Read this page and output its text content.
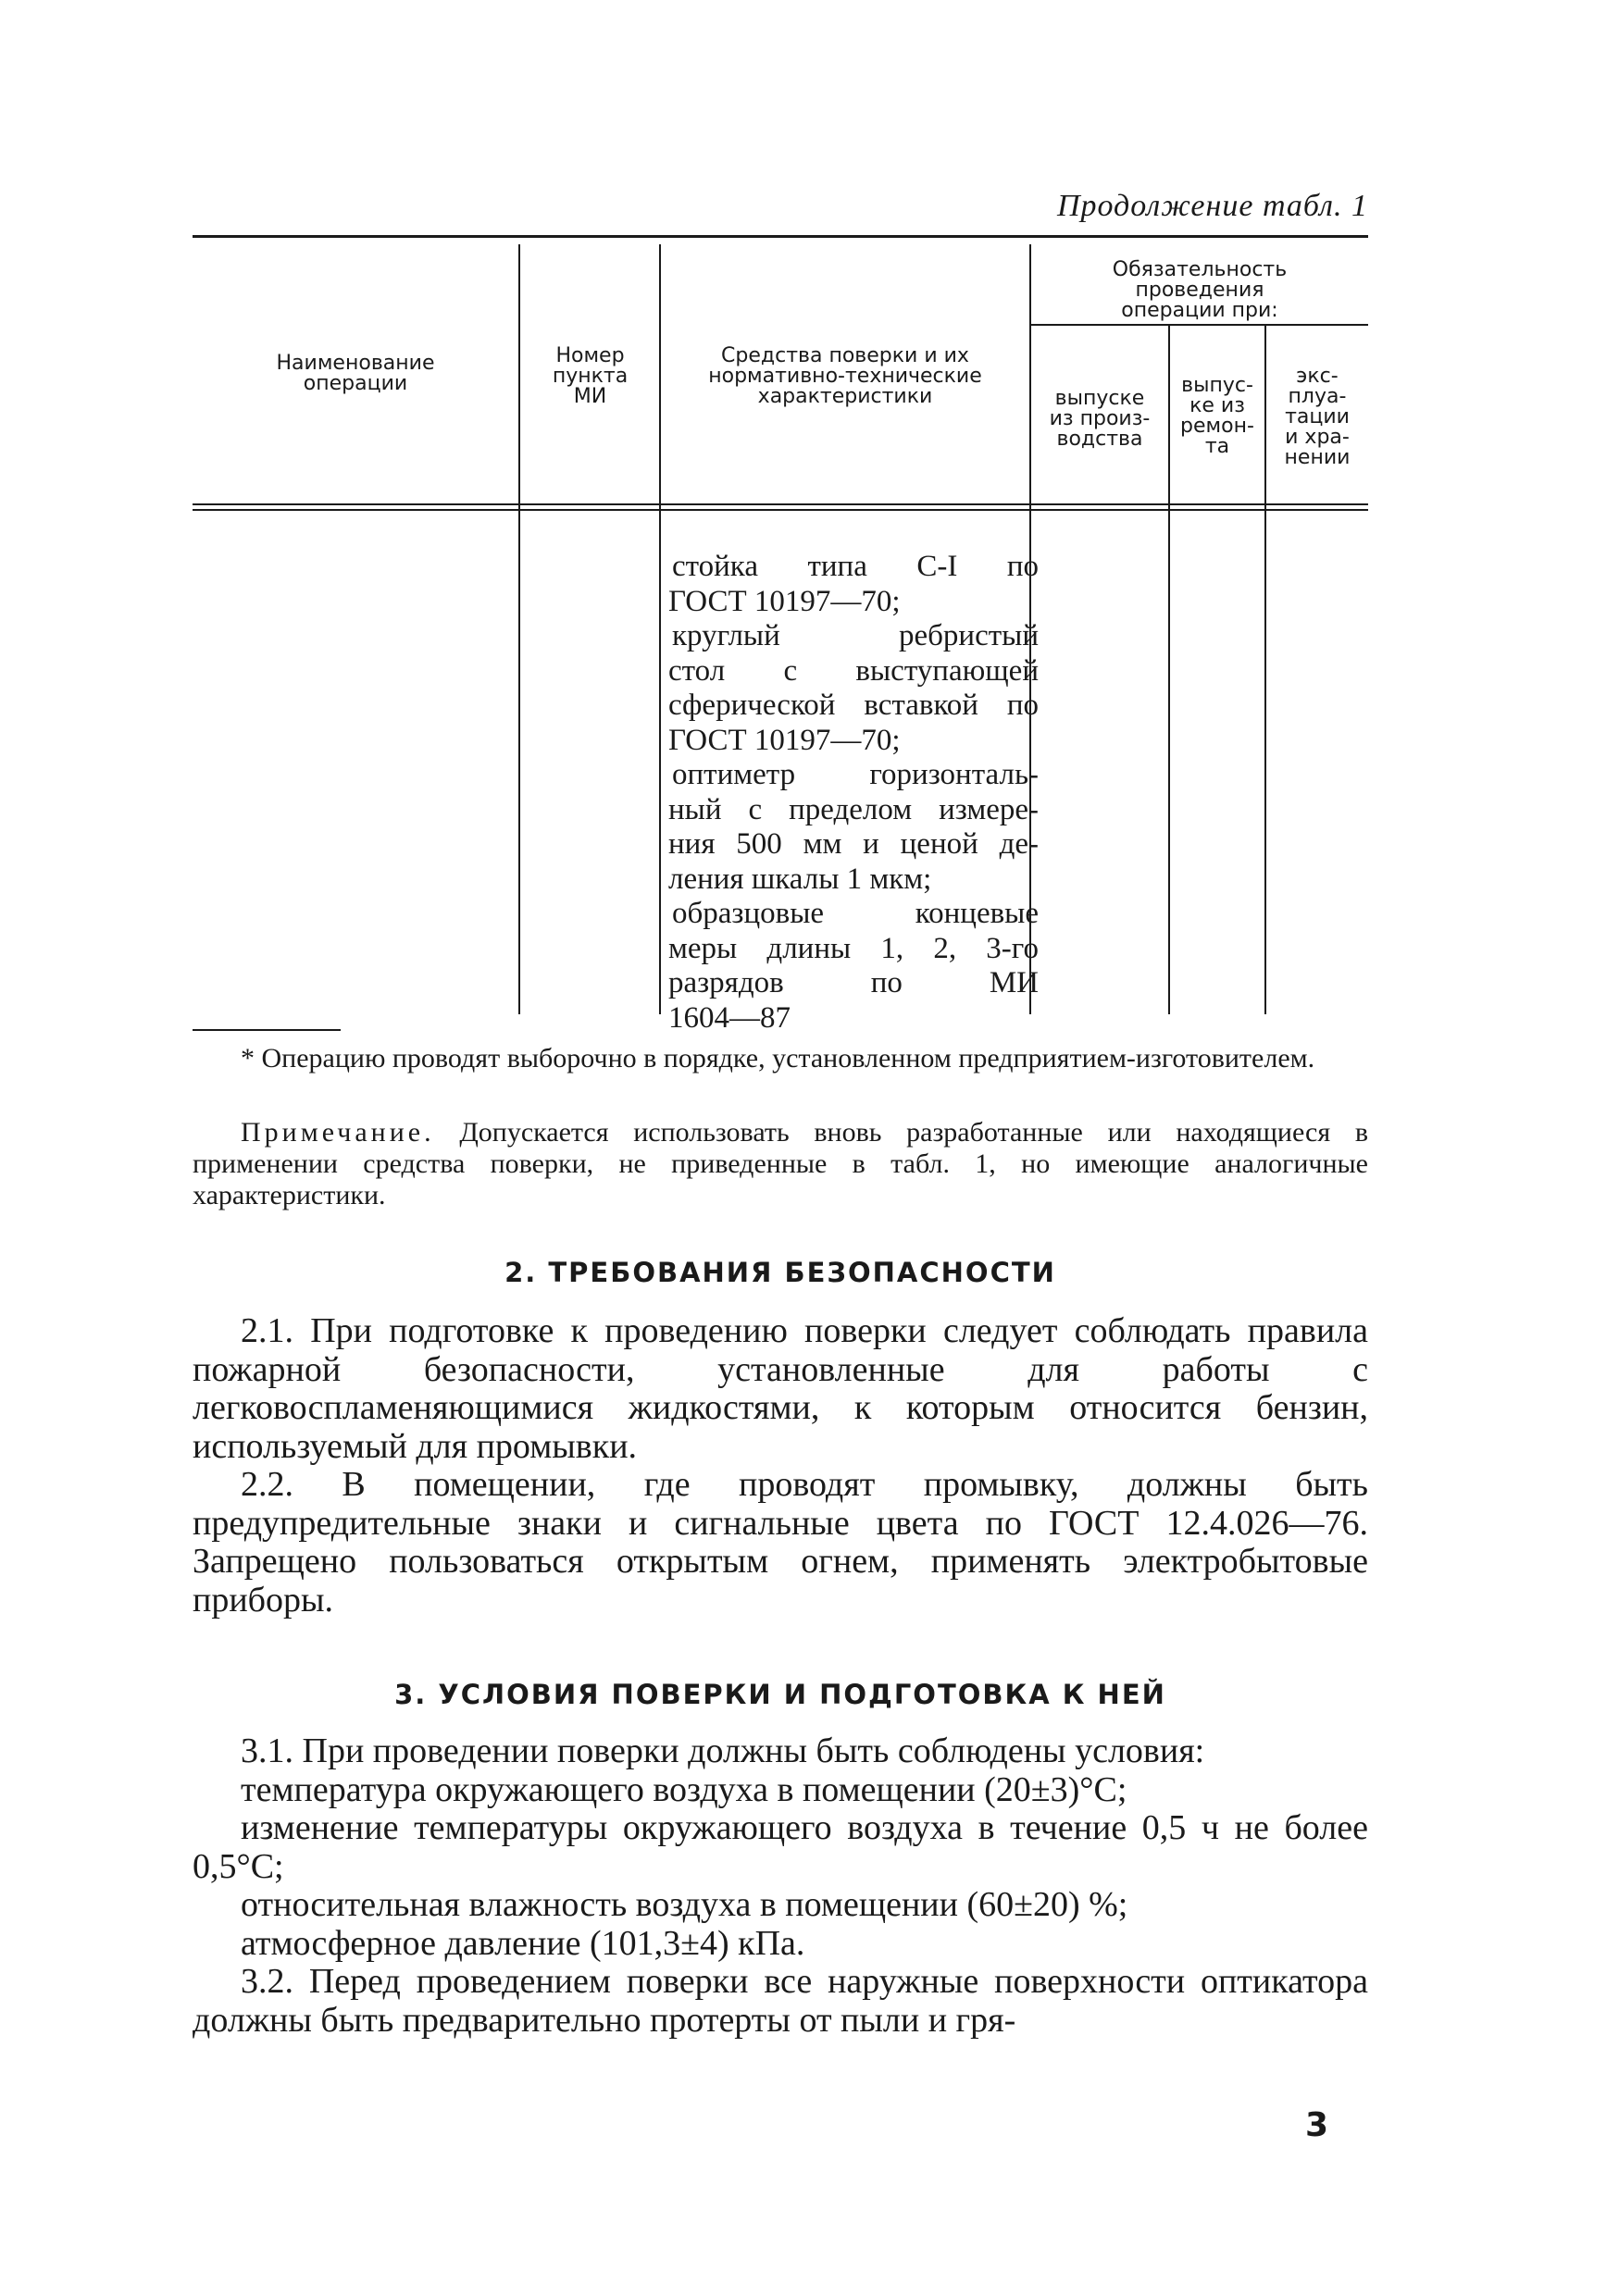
Продолжение табл. 1
Наименование
операции
Номер
пункта
МИ
Средства поверки и их
нормативно-технические
характеристики
Обязательность
проведения
операции при:
выпуске
из произ-
водства
выпус-
ке из
ремон-
та
экс-
плуа-
тации
и хра-
нении
стойка типа С-I по
ГОСТ 10197—70;
круглый ребристый
стол с выступающей
сферической вставкой по
ГОСТ 10197—70;
оптиметр горизонталь-
ный с пределом измере-
ния 500 мм и ценой де-
ления шкалы 1 мкм;
образцовые концевые
меры длины 1, 2, 3-го
разрядов по МИ
1604—87

* Операцию проводят выборочно в порядке, установленном предприятием-изготовителем.

Примечание. Допускается использовать вновь разработанные или находящиеся в применении средства поверки, не приведенные в табл. 1, но имеющие аналогичные характеристики.

2. ТРЕБОВАНИЯ БЕЗОПАСНОСТИ

2.1. При подготовке к проведению поверки следует соблюдать правила пожарной безопасности, установленные для работы с легковоспламеняющимися жидкостями, к которым относится бензин, используемый для промывки.

2.2. В помещении, где проводят промывку, должны быть предупредительные знаки и сигнальные цвета по ГОСТ 12.4.026—76. Запрещено пользоваться открытым огнем, применять электробытовые приборы.

3. УСЛОВИЯ ПОВЕРКИ И ПОДГОТОВКА К НЕЙ

3.1. При проведении поверки должны быть соблюдены условия:

температура окружающего воздуха в помещении (20±3)°С;

изменение температуры окружающего воздуха в течение 0,5 ч не более 0,5°С;

относительная влажность воздуха в помещении (60±20) %;

атмосферное давление (101,3±4) кПа.

3.2. Перед проведением поверки все наружные поверхности оптикатора должны быть предварительно протерты от пыли и гря-

3
